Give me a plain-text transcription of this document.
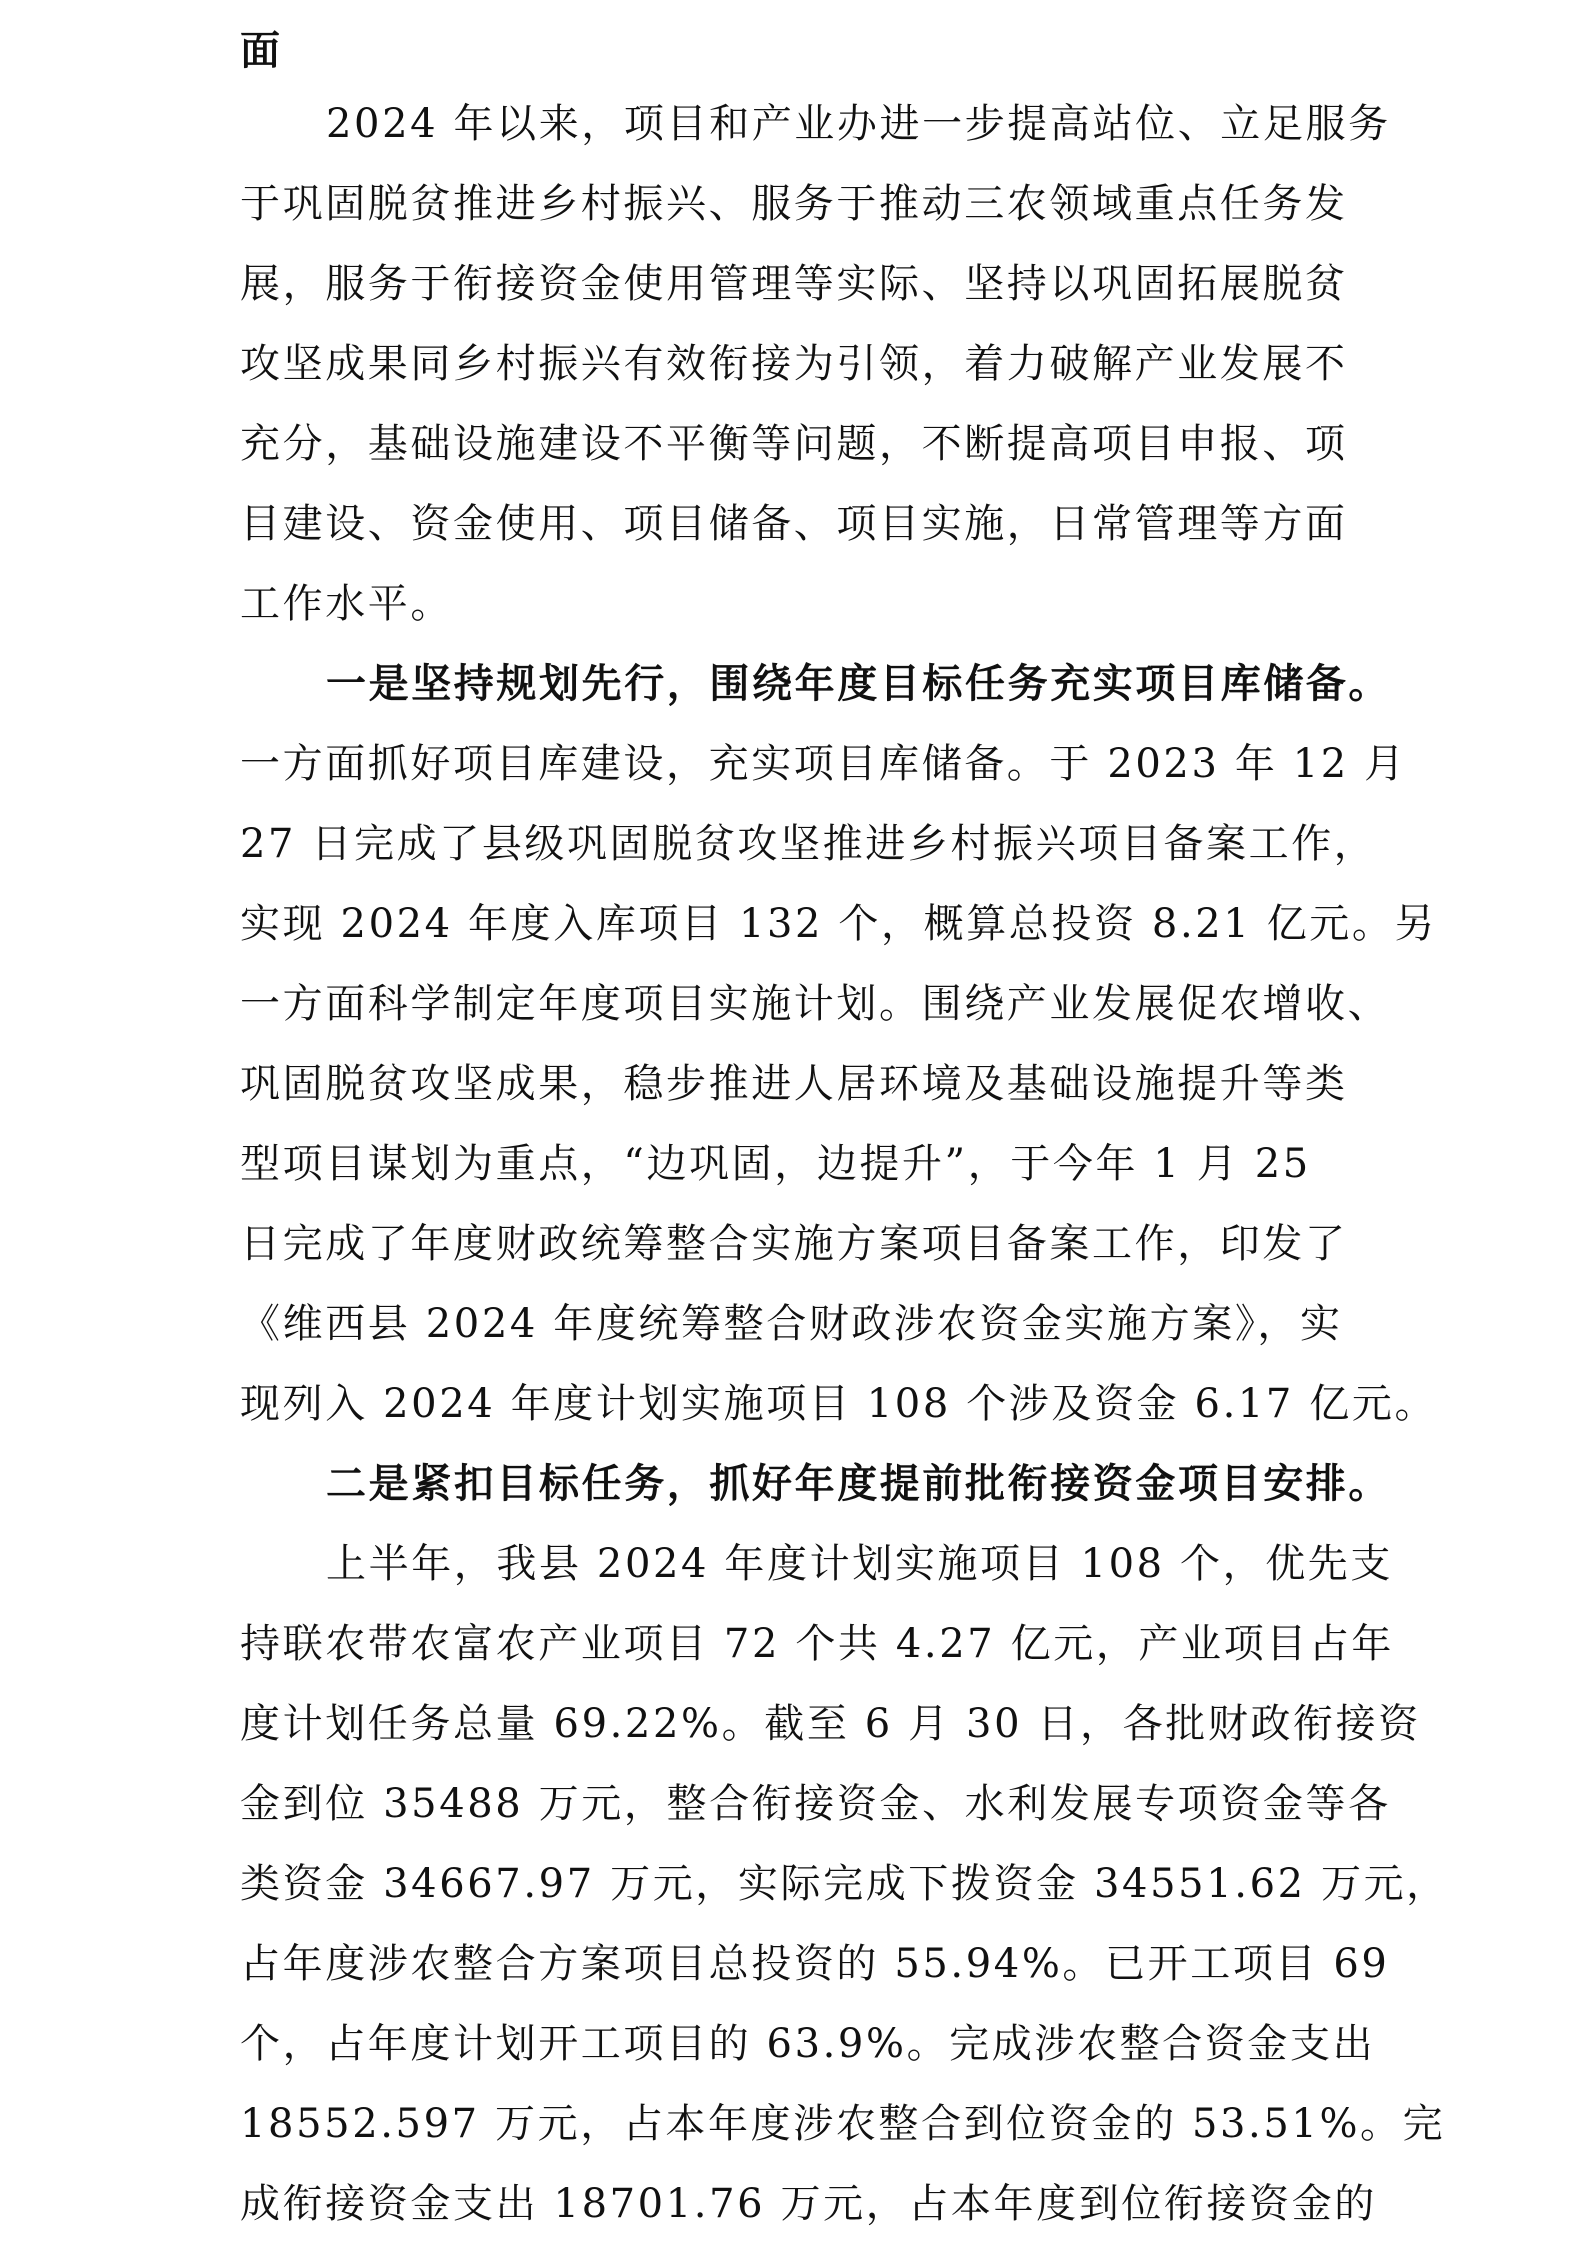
面
2024 年以来，项目和产业办进一步提高站位、立足服务
于巩固脱贫推进乡村振兴、服务于推动三农领域重点任务发
展，服务于衔接资金使用管理等实际、坚持以巩固拓展脱贫
攻坚成果同乡村振兴有效衔接为引领，着力破解产业发展不
充分，基础设施建设不平衡等问题，不断提高项目申报、项
目建设、资金使用、项目储备、项目实施，日常管理等方面
工作水平。
一是坚持规划先行，围绕年度目标任务充实项目库储备。
一方面抓好项目库建设，充实项目库储备。于 2023 年 12 月
27 日完成了县级巩固脱贫攻坚推进乡村振兴项目备案工作，
实现 2024 年度入库项目 132 个，概算总投资 8.21 亿元。另
一方面科学制定年度项目实施计划。围绕产业发展促农增收、
巩固脱贫攻坚成果，稳步推进人居环境及基础设施提升等类
型项目谋划为重点，“边巩固，边提升”，于今年 1 月 25
日完成了年度财政统筹整合实施方案项目备案工作，印发了
《维西县 2024 年度统筹整合财政涉农资金实施方案》，实
现列入 2024 年度计划实施项目 108 个涉及资金 6.17 亿元。
二是紧扣目标任务，抓好年度提前批衔接资金项目安排。
上半年，我县 2024 年度计划实施项目 108 个，优先支
持联农带农富农产业项目 72 个共 4.27 亿元，产业项目占年
度计划任务总量 69.22%。截至 6 月 30 日，各批财政衔接资
金到位 35488 万元，整合衔接资金、水利发展专项资金等各
类资金 34667.97 万元，实际完成下拨资金 34551.62 万元，
占年度涉农整合方案项目总投资的 55.94%。已开工项目 69
个，占年度计划开工项目的 63.9%。完成涉农整合资金支出
18552.597 万元，占本年度涉农整合到位资金的 53.51%。完
成衔接资金支出 18701.76 万元，占本年度到位衔接资金的
